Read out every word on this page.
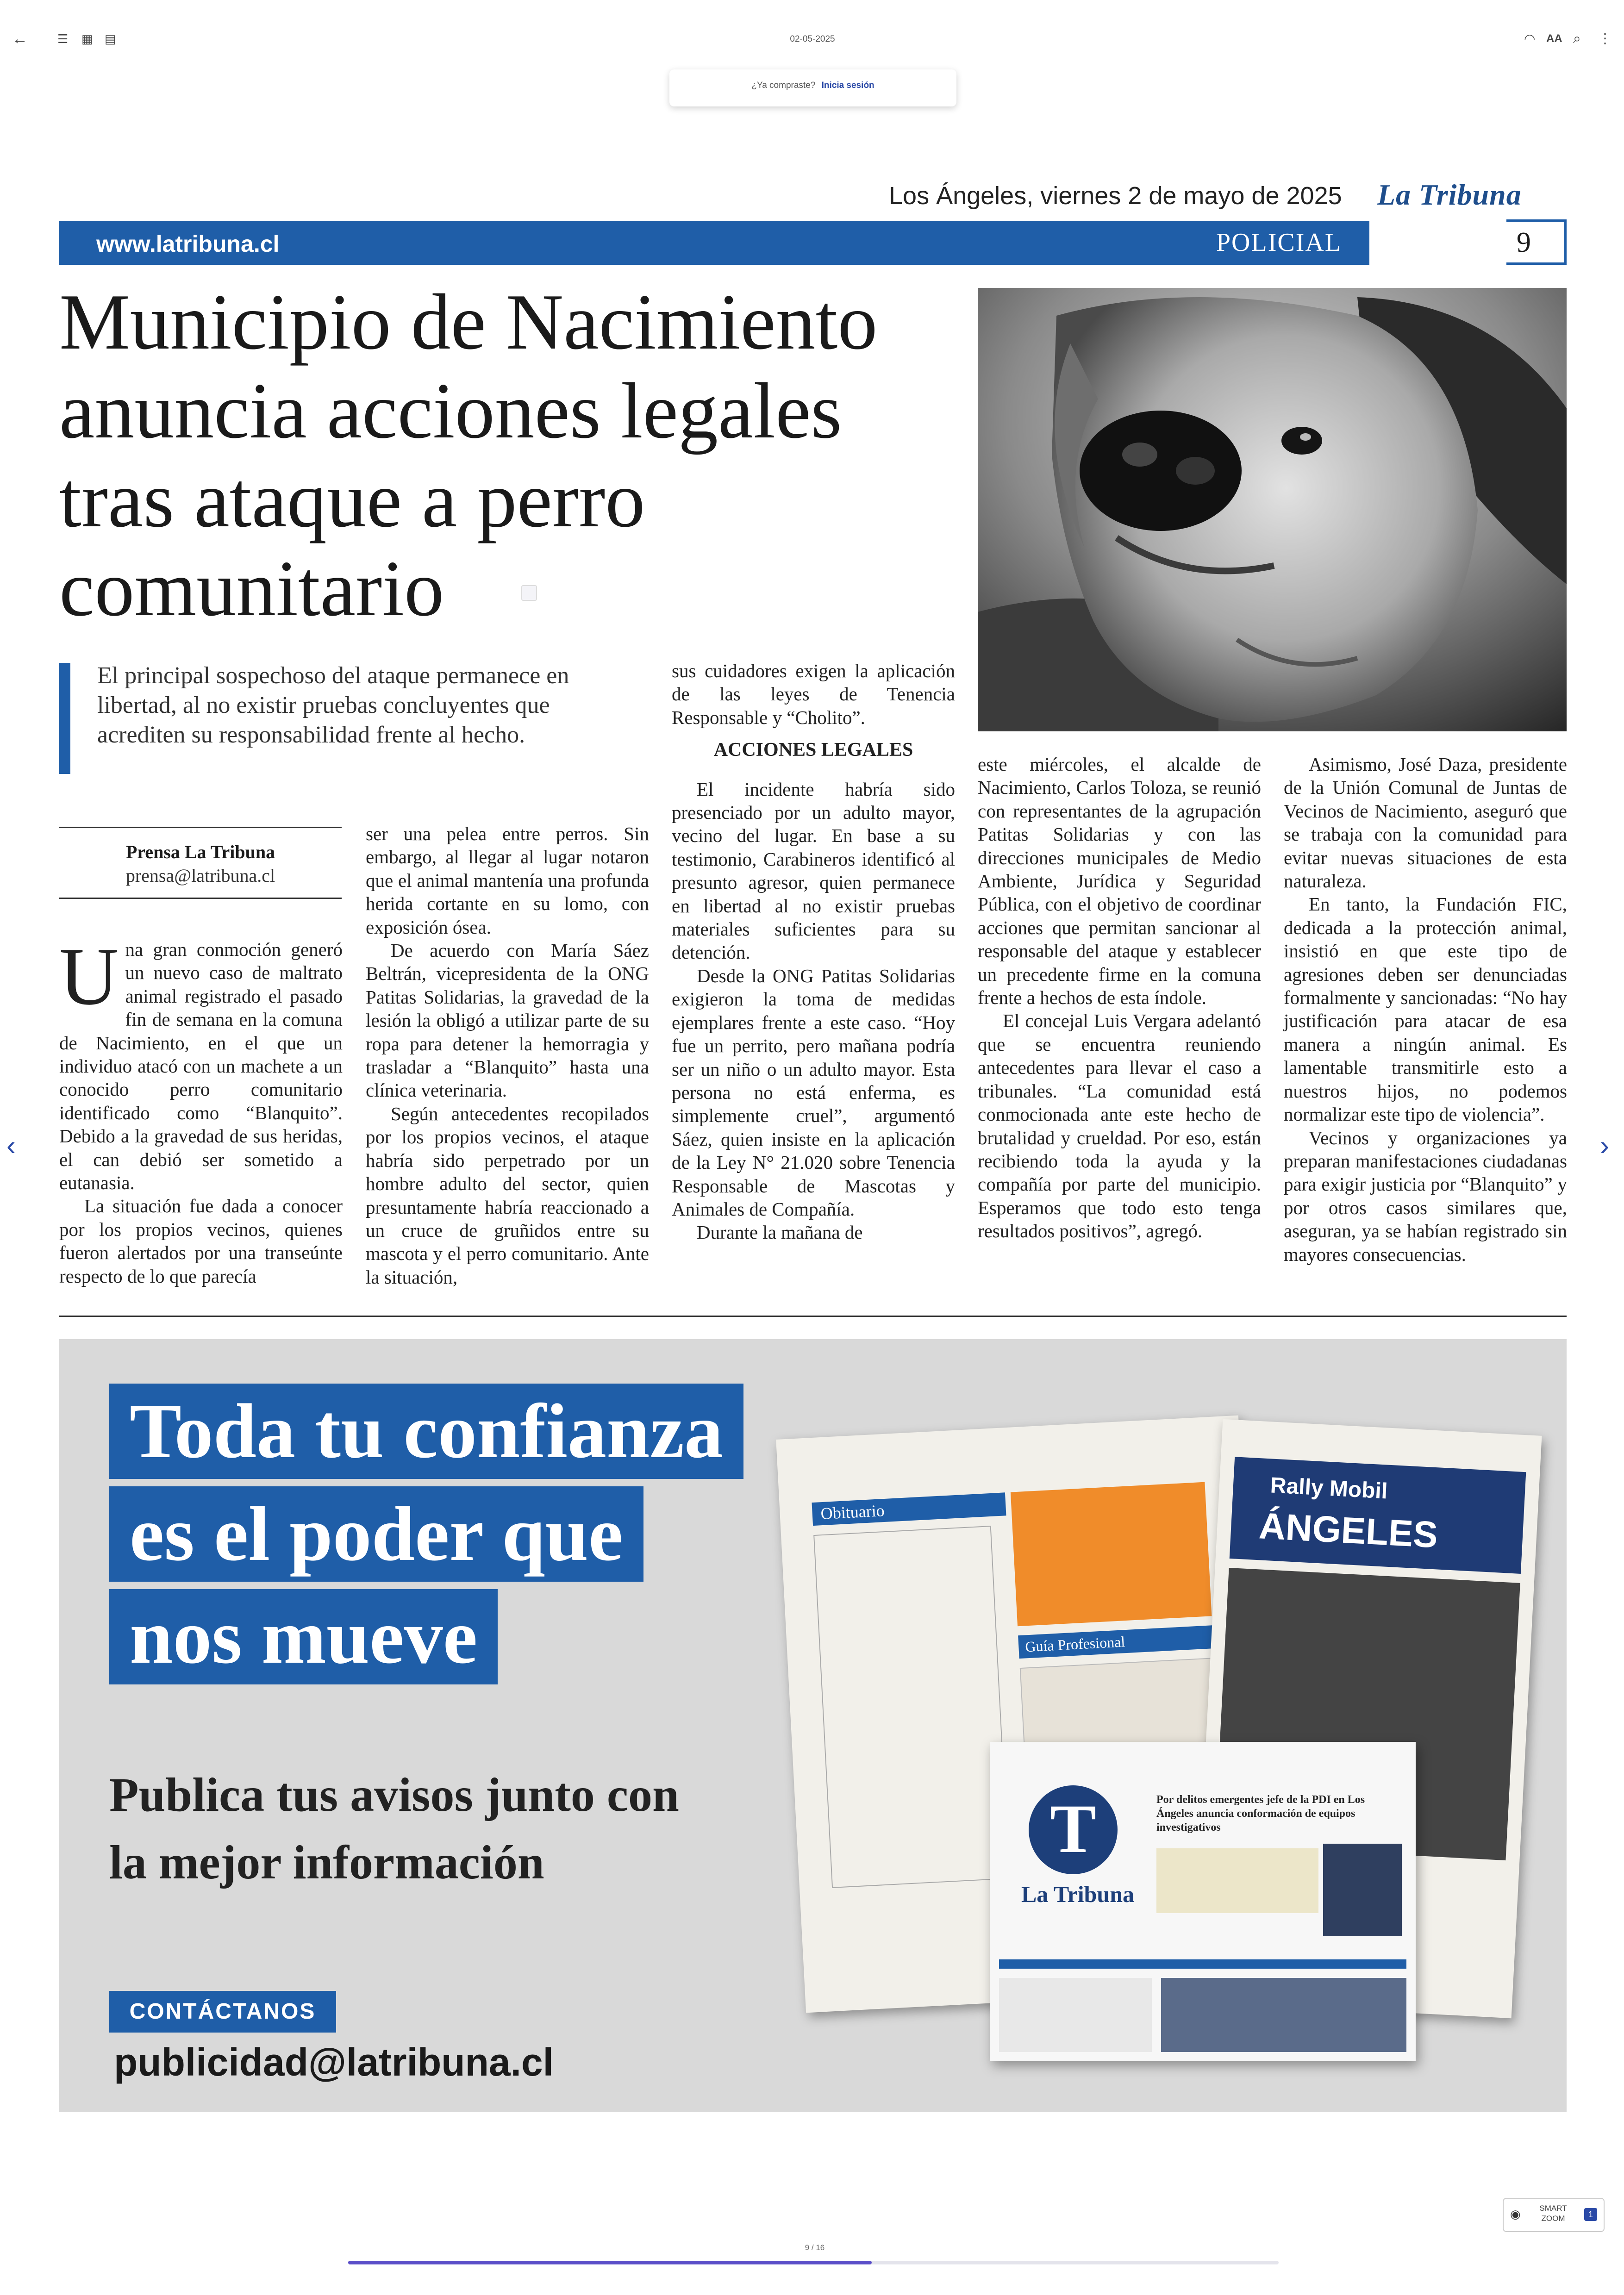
← ☰ ▦ ▤	02-05-2025	◠ AA ⌕ ⋮
¿Ya compraste? Inicia sesión
‹	›
Los Ángeles, viernes 2 de mayo de 2025 La Tribuna
www.latribuna.cl	POLICIAL	9
Municipio de Nacimiento anuncia acciones legales tras ataque a perro comunitario

El principal sospechoso del ataque permanece en libertad, al no existir pruebas concluyentes que acrediten su responsabilidad frente al hecho.

Prensa La Tribuna
prensa@latribuna.cl

Una gran conmoción generó un nuevo caso de maltrato animal registrado el pasado fin de semana en la comuna de Nacimiento, en el que un individuo atacó con un machete a un conocido perro comunitario identificado como “Blanquito”. Debido a la gravedad de sus heridas, el can debió ser sometido a eutanasia.

La situación fue dada a conocer por los propios vecinos, quienes fueron alertados por una transeúnte respecto de lo que parecía

ser una pelea entre perros. Sin embargo, al llegar al lugar notaron que el animal mantenía una profunda herida cortante en su lomo, con exposición ósea.

De acuerdo con María Sáez Beltrán, vicepresidenta de la ONG Patitas Solidarias, la gravedad de la lesión la obligó a utilizar parte de su ropa para detener la hemorragia y trasladar a “Blanquito” hasta una clínica veterinaria.

Según antecedentes recopilados por los propios vecinos, el ataque habría sido perpetrado por un hombre adulto del sector, quien presuntamente habría reaccionado a un cruce de gruñidos entre su mascota y el perro comunitario. Ante la situación,

sus cuidadores exigen la aplicación de las leyes de Tenencia Responsable y “Cholito”.

ACCIONES LEGALES

El incidente habría sido presenciado por un adulto mayor, vecino del lugar. En base a su testimonio, Carabineros identificó al presunto agresor, quien permanece en libertad al no existir pruebas materiales suficientes para su detención.

Desde la ONG Patitas Solidarias exigieron la toma de medidas ejemplares frente a este caso. “Hoy fue un perrito, pero mañana podría ser un niño o un adulto mayor. Esta persona no está enferma, es simplemente cruel”, argumentó Sáez, quien insiste en la aplicación de la Ley N° 21.020 sobre Tenencia Responsable de Mascotas y Animales de Compañía.

Durante la mañana de

este miércoles, el alcalde de Nacimiento, Carlos Toloza, se reunió con representantes de la agrupación Patitas Solidarias y con las direcciones municipales de Medio Ambiente, Jurídica y Seguridad Pública, con el objetivo de coordinar acciones que permitan sancionar al responsable del ataque y establecer un precedente firme en la comuna frente a hechos de esta índole.

El concejal Luis Vergara adelantó que se encuentra reuniendo antecedentes para llevar el caso a tribunales. “La comunidad está conmocionada ante este hecho de brutalidad y crueldad. Por eso, están recibiendo toda la ayuda y la compañía por parte del municipio. Esperamos que todo esto tenga resultados positivos”, agregó.

Asimismo, José Daza, presidente de la Unión Comunal de Juntas de Vecinos de Nacimiento, aseguró que se trabaja con la comunidad para evitar nuevas situaciones de esta naturaleza.

En tanto, la Fundación FIC, dedicada a la protección animal, insistió en que este tipo de agresiones deben ser denunciadas formalmente y sancionadas: “No hay justificación para atacar de esa manera a ningún animal. Es lamentable transmitirle esto a nuestros hijos, no podemos normalizar este tipo de violencia”.

Vecinos y organizaciones ya preparan manifestaciones ciudadanas para exigir justicia por “Blanquito” y por otros casos similares que, aseguran, ya se habían registrado sin mayores consecuencias.

Toda tu confianza
es el poder que
nos mueve
Publica tus avisos junto con
la mejor información
CONTÁCTANOS
publicidad@latribuna.cl
Obituario
Guía Profesional
Rally Mobil
ÁNGELES
T
La Tribuna
Por delitos emergentes jefe de la PDI en Los Ángeles anuncia conformación de equipos investigativos
◉	SMART
ZOOM	1
9 / 16
